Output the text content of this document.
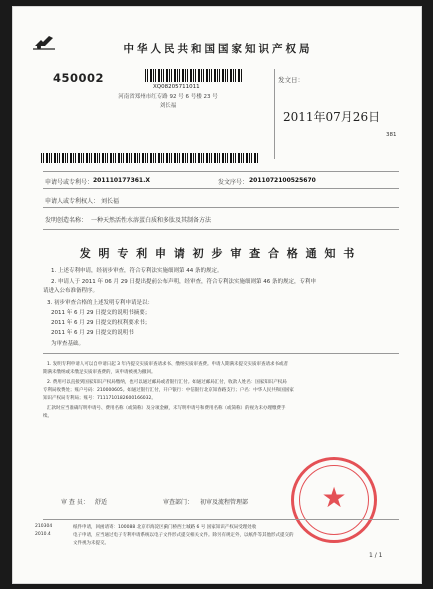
中华人民共和国国家知识产权局
450002
XQ08205711011
河南省郑州市红专路 92 号 6 号楼 23 号
刘长福
发文日：
2011年07月26日
381
申请号或专利号： 201110177361.X	发文序号： 2011072100525670
申请人或专利权人： 刘长福
发明创造名称： 一种天然活性水溶蛋白质和多肽及其制备方法
发 明 专 利 申 请 初 步 审 查 合 格 通 知 书
1. 上述专利申请，经初步审查，符合专利法实施细则第 44 条的规定。
2. 申请人于 2011 年 06 月 29 日提出提前公布声明，经审查，符合专利法实施细则第 46 条的规定，专利申
请进入公布准备程序。
3. 初步审查合格的上述发明专利申请是以：
2011 年 6 月 29 日提交的说明书摘要；
2011 年 6 月 29 日提交的权利要求书；
2011 年 6 月 29 日提交的说明书
为审查基础。
1. 发明专利申请人可以自申请日起 3 年内提交实质审查请求书、缴纳实质审查费。申请人期满未提交实质审查请求书或者
期满未缴纳或未缴足实质审查费的，该申请被视为撤回。
2. 费用可以直接到国家知识产权局缴纳，也可以通过邮局或者银行汇付。如通过邮局汇付，收款人姓名：国家知识产权局
专利局收费处；账户号码：210000605。如通过银行汇付，开户银行：中信银行北京知春路支行；户名：中华人民共和国国家
知识产权局专利局；账号：7111710182600166032。
汇款时应当准确写明申请号、费用名称（或简称）及分项金额，未写明申请号和费用名称（或简称）的视为未办理缴费手
续。
审 查 员： 舒适	审查部门： 初审及流程管理部	★
210304
2010.4
纸件申请，回函请寄：100088 北京市海淀区蓟门桥西土城路 6 号 国家知识产权局受理处收
电子申请，应当通过电子专利申请系统以电子文件形式提交相关文件。除另有规定外，以纸件等其他形式提交的
文件视为未提交。
1 / 1
